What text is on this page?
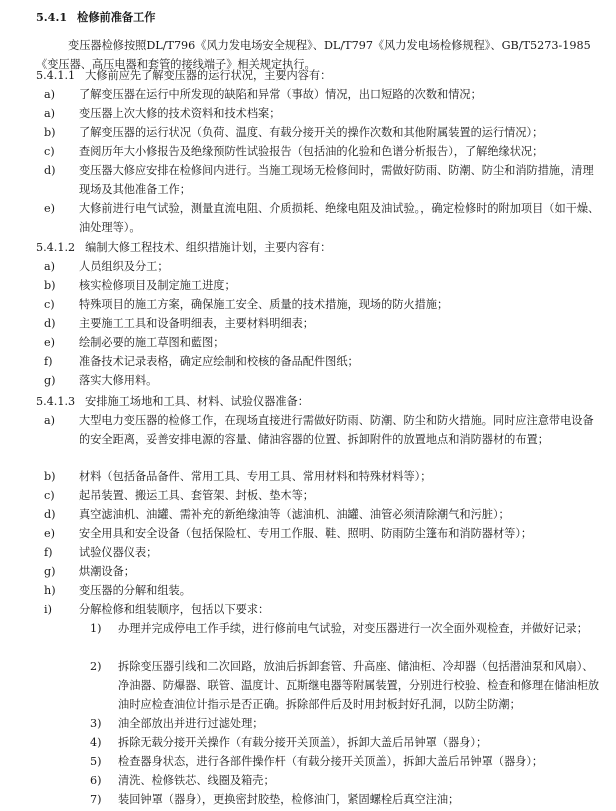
5.4.1 检修前准备工作
变压器检修按照DL/T796《风力发电场安全规程》、DL/T797《风力发电场检修规程》、GB/T5273-1985《变压器、高压电器和套管的接线端子》相关规定执行。
5.4.1.1 大修前应先了解变压器的运行状况，主要内容有：
a) 了解变压器在运行中所发现的缺陷和异常（事故）情况，出口短路的次数和情况；
a) 变压器上次大修的技术资料和技术档案；
b) 了解变压器的运行状况（负荷、温度、有载分接开关的操作次数和其他附属装置的运行情况）；
c) 查阅历年大小修报告及绝缘预防性试验报告（包括油的化验和色谱分析报告），了解绝缘状况；
d) 变压器大修应安排在检修间内进行。当施工现场无检修间时，需做好防雨、防潮、防尘和消防措施，清理现场及其他准备工作；
e) 大修前进行电气试验，测量直流电阻、介质损耗、绝缘电阻及油试验。，确定检修时的附加项目（如干燥、油处理等）。
5.4.1.2 编制大修工程技术、组织措施计划，主要内容有：
a) 人员组织及分工；
b) 核实检修项目及制定施工进度；
c) 特殊项目的施工方案，确保施工安全、质量的技术措施，现场的防火措施；
d) 主要施工工具和设备明细表，主要材料明细表；
e) 绘制必要的施工草图和藍图；
f) 准备技术记录表格，确定应绘制和校核的备品配件图纸；
g) 落实大修用料。
5.4.1.3 安排施工场地和工具、材料、试验仪器准备：
a) 大型电力变压器的检修工作，在现场直接进行需做好防雨、防潮、防尘和防火措施。同时应注意带电设备的安全距离，妥善安排电源的容量、储油容器的位置、拆卸附件的放置地点和消防器材的布置；
b) 材料（包括备品备件、常用工具、专用工具、常用材料和特殊材料等）；
c) 起吊装置、搬运工具、套管架、封板、垫木等；
d) 真空滤油机、油罐、需补充的新绝缘油等（滤油机、油罐、油管必须清除潮气和污脏）；
e) 安全用具和安全设备（包括保险杠、专用工作服、鞋、照明、防雨防尘篷布和消防器材等）；
f) 试验仪器仪表；
g) 烘潮设备；
h) 变压器的分解和组装。
i) 分解检修和组装顺序，包括以下要求：
1) 办理并完成停电工作手续，进行修前电气试验，对变压器进行一次全面外观检查，并做好记录；
2) 拆除变压器引线和二次回路，放油后拆卸套管、升高座、储油柜、冷却器（包括潜油泵和风扇）、净油器、防爆器、联管、温度计、瓦斯继电器等附属装置，分别进行校验、检查和修理在储油柜放油时应检查油位计指示是否正确。拆除部件后及时用封板封好孔洞，以防尘防潮；
3) 油全部放出并进行过滤处理；
4) 拆除无载分接开关操作（有载分接开关顶盖），拆卸大盖后吊钟罩（器身）；
5) 检查器身状态，进行各部件操作杆（有载分接开关顶盖），拆卸大盖后吊钟罩（器身）；
6) 清洗、检修铁芯、线圈及箱壳；
7) 装回钟罩（器身），更换密封胶垫，检修油门，紧固螺栓后真空注油；
